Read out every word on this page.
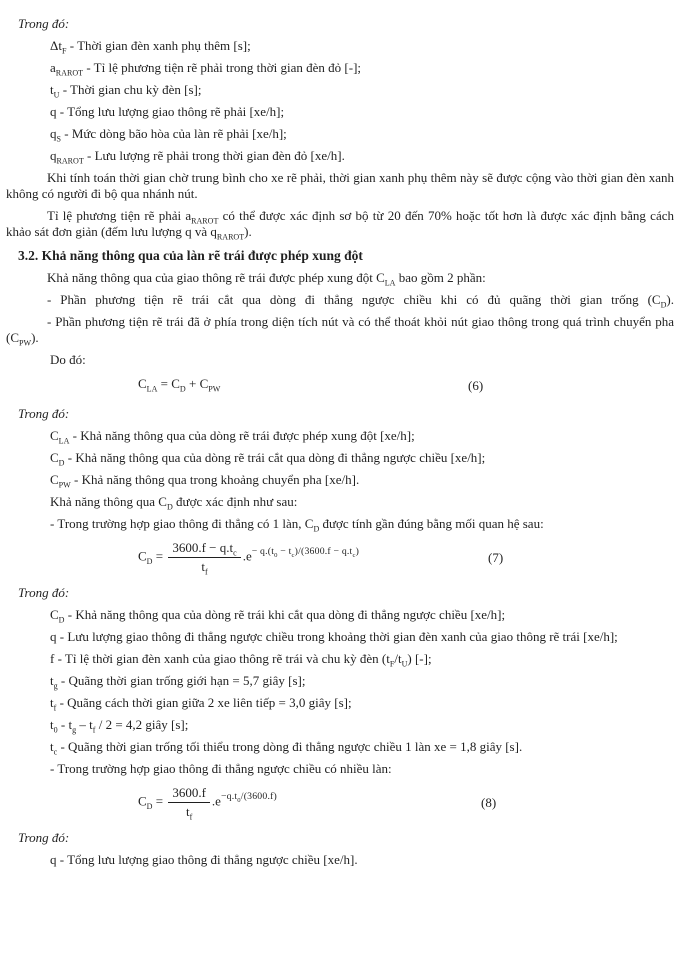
Trong đó:

$\Delta t_F$ - Thời gian đèn xanh phụ thêm [s];

$a_{RAROT}$ - Tỉ lệ phương tiện rẽ phải trong thời gian đèn đỏ [-];

$t_U$ - Thời gian chu kỳ đèn [s];

q - Tổng lưu lượng giao thông rẽ phải [xe/h];

$q_S$ - Mức dòng bão hòa của làn rẽ phải [xe/h];

$q_{RAROT}$ - Lưu lượng rẽ phải trong thời gian đèn đỏ [xe/h].

Khi tính toán thời gian chờ trung bình cho xe rẽ phải, thời gian xanh phụ thêm này sẽ được cộng vào thời gian đèn xanh không có người đi bộ qua nhánh nút.

Tỉ lệ phương tiện rẽ phải $a_{RAROT}$ có thể được xác định sơ bộ từ 20 đến 70% hoặc tốt hơn là được xác định bằng cách khảo sát đơn giản (đếm lưu lượng q và $q_{RAROT}$).

3.2. Khả năng thông qua của làn rẽ trái được phép xung đột

Khả năng thông qua của giao thông rẽ trái được phép xung đột $C_{LA}$ bao gồm 2 phần:

- Phần phương tiện rẽ trái cắt qua dòng đi thẳng ngược chiều khi có đủ quãng thời gian trống $(C_D)$.

- Phần phương tiện rẽ trái đã ở phía trong diện tích nút và có thể thoát khỏi nút giao thông trong quá trình chuyển pha $(C_{PW})$.

Do đó:

$C_{LA} = C_D + C_{PW}$	(6)

Trong đó:

$C_{LA}$ - Khả năng thông qua của dòng rẽ trái được phép xung đột [xe/h];

$C_D$ - Khả năng thông qua của dòng rẽ trái cắt qua dòng đi thẳng ngược chiều [xe/h];

$C_{PW}$ - Khả năng thông qua trong khoảng chuyển pha [xe/h].

Khả năng thông qua $C_D$ được xác định như sau:

- Trong trường hợp giao thông đi thẳng có 1 làn, $C_D$ được tính gần đúng bằng mối quan hệ sau:

$C_D = \frac{3600.f - q.t_c}{t_f} .e^{- q.(t_0 - t_c)/(3600.f - q.t_c)}$	(7)

Trong đó:

$C_D$ - Khả năng thông qua của dòng rẽ trái khi cắt qua dòng đi thẳng ngược chiều [xe/h];

q - Lưu lượng giao thông đi thẳng ngược chiều trong khoảng thời gian đèn xanh của giao thông rẽ trái [xe/h];

f - Tỉ lệ thời gian đèn xanh của giao thông rẽ trái và chu kỳ đèn $(t_F/t_U)$ [-];

$t_g$ - Quãng thời gian trống giới hạn = 5,7 giây [s];

$t_f$ - Quãng cách thời gian giữa 2 xe liên tiếp = 3,0 giây [s];

$t_0 - t_g - t_f / 2 = 4,2$ giây [s];

$t_c$ - Quãng thời gian trống tối thiểu trong dòng đi thẳng ngược chiều 1 làn xe = 1,8 giây [s].

- Trong trường hợp giao thông đi thẳng ngược chiều có nhiều làn:

$C_D = \frac{3600.f}{t_f} .e^{-q.t_0/(3600.f)}$	(8)

Trong đó:

q - Tổng lưu lượng giao thông đi thẳng ngược chiều [xe/h].
